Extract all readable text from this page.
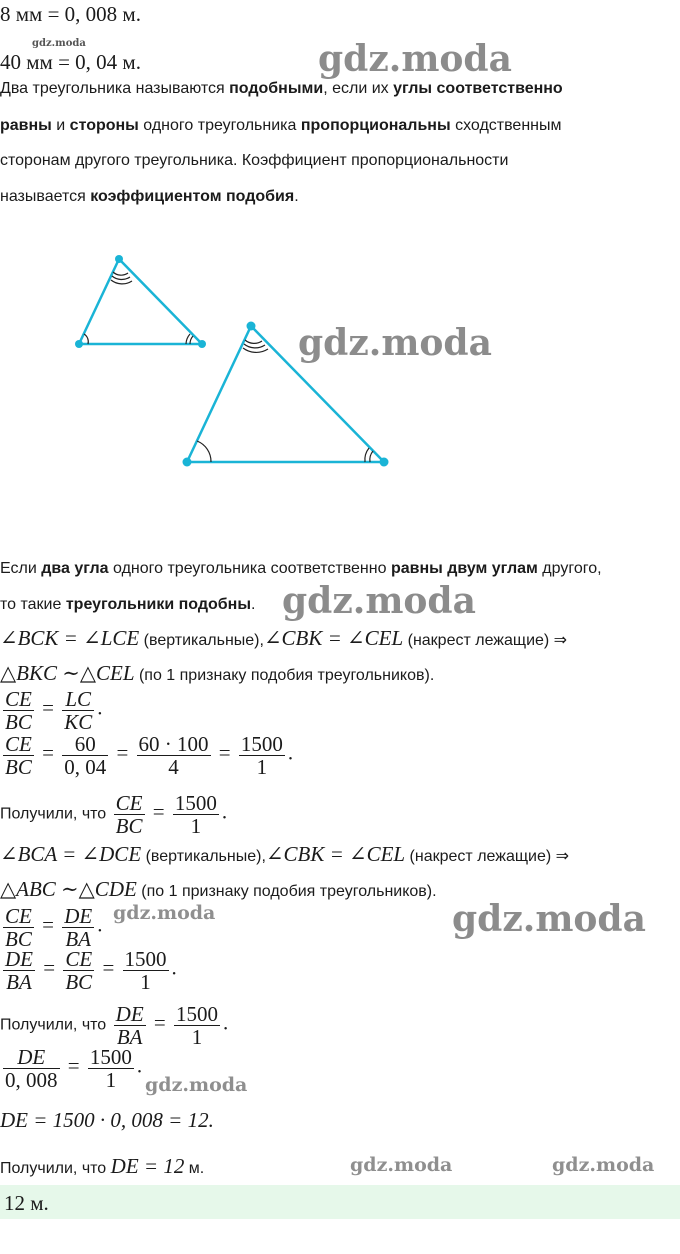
8 мм = 0, 008 м.
40 мм = 0, 04 м.
gdz.moda	gdz.moda
Два треугольника называются подобными, если их углы соответственно
равны и стороны одного треугольника пропорциональны сходственным
сторонам другого треугольника. Коэффициент пропорциональности
называется коэффициентом подобия.
gdz.moda
Если два угла одного треугольника соответственно равны двум углам другого,
то такие треугольники подобны. gdz.moda
∠BCK = ∠LCE (вертикальные),∠CBK = ∠CEL (накрест лежащие) ⇒
△BKC ∼△CEL (по 1 признаку подобия треугольников).
$\frac{CE}{BC} = \frac{LC}{KC}$ .
$\frac{CE}{BC} = \frac{60}{0, 04} = \frac{60 \cdot 100}{4} = \frac{1500}{1}$ .
Получили, что $\frac{CE}{BC} = \frac{1500}{1}$ .
∠BCA = ∠DCE (вертикальные),∠CBK = ∠CEL (накрест лежащие) ⇒
△ABC ∼△CDE (по 1 признаку подобия треугольников).
$\frac{CE}{BC} = \frac{DE}{BA}$ . gdz.moda	gdz.moda
$\frac{DE}{BA} = \frac{CE}{BC} = \frac{1500}{1}$ .
Получили, что $\frac{DE}{BA} = \frac{1500}{1}$ .
$\frac{DE}{0, 008} = \frac{1500}{1}$ .
gdz.moda
DE = 1500 · 0, 008 = 12.
Получили, что DE = 12 м.	gdz.moda	gdz.moda
12 м.
